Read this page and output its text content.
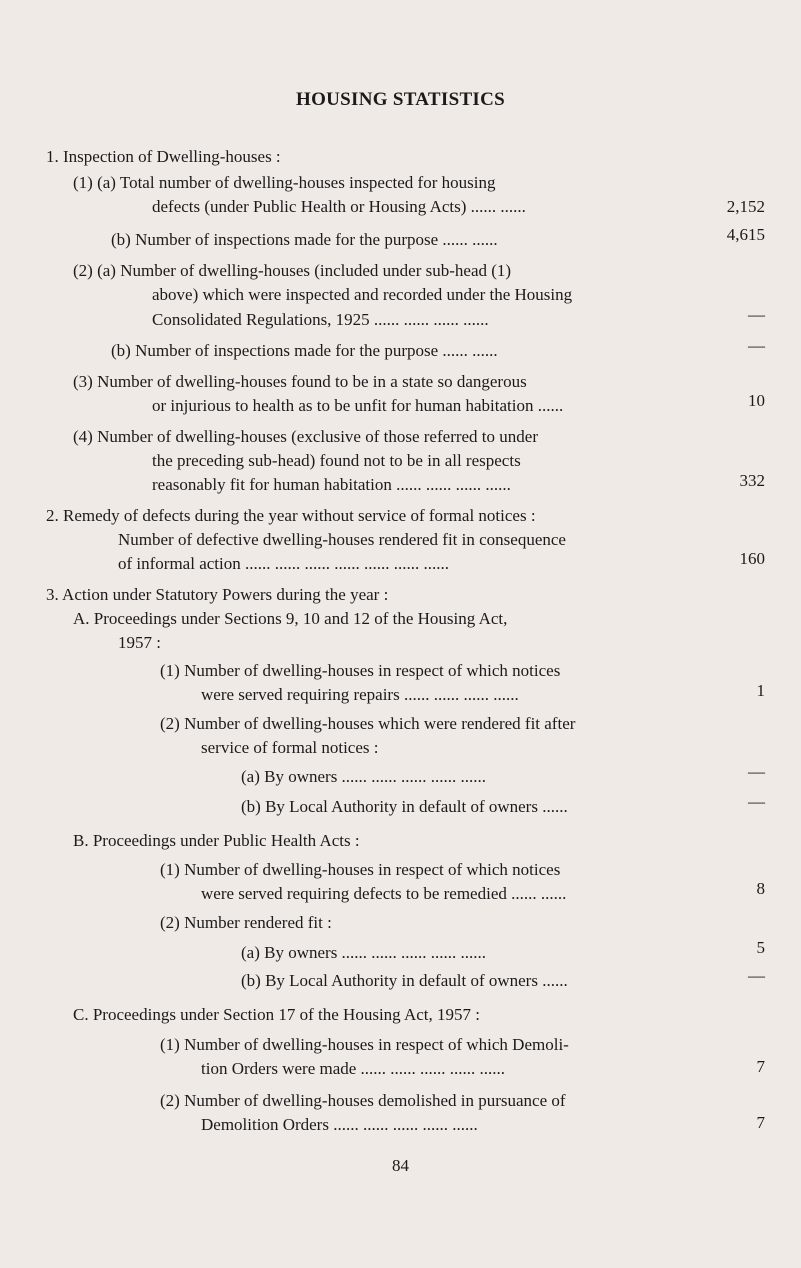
HOUSING STATISTICS
1. Inspection of Dwelling-houses :
(1) (a) Total number of dwelling-houses inspected for housing
defects (under Public Health or Housing Acts) ...... ......	2,152
(b) Number of inspections made for the purpose ...... ......	4,615
(2) (a) Number of dwelling-houses (included under sub-head (1)
above) which were inspected and recorded under the Housing
Consolidated Regulations, 1925 ...... ...... ...... ......	—
(b) Number of inspections made for the purpose ...... ......	—
(3) Number of dwelling-houses found to be in a state so dangerous
or injurious to health as to be unfit for human habitation ......	10
(4) Number of dwelling-houses (exclusive of those referred to under
the preceding sub-head) found not to be in all respects
reasonably fit for human habitation ...... ...... ...... ......	332
2. Remedy of defects during the year without service of formal notices :
Number of defective dwelling-houses rendered fit in consequence
of informal action ...... ...... ...... ...... ...... ...... ......	160
3. Action under Statutory Powers during the year :
A. Proceedings under Sections 9, 10 and 12 of the Housing Act,
1957 :
(1) Number of dwelling-houses in respect of which notices
were served requiring repairs ...... ...... ...... ......	1
(2) Number of dwelling-houses which were rendered fit after
service of formal notices :
(a) By owners ...... ...... ...... ...... ......	—
(b) By Local Authority in default of owners ......	—
B. Proceedings under Public Health Acts :
(1) Number of dwelling-houses in respect of which notices
were served requiring defects to be remedied ...... ......	8
(2) Number rendered fit :
(a) By owners ...... ...... ...... ...... ......	5
(b) By Local Authority in default of owners ......	—
C. Proceedings under Section 17 of the Housing Act, 1957 :
(1) Number of dwelling-houses in respect of which Demoli-
tion Orders were made ...... ...... ...... ...... ......	7
(2) Number of dwelling-houses demolished in pursuance of
Demolition Orders ...... ...... ...... ...... ......	7
84
